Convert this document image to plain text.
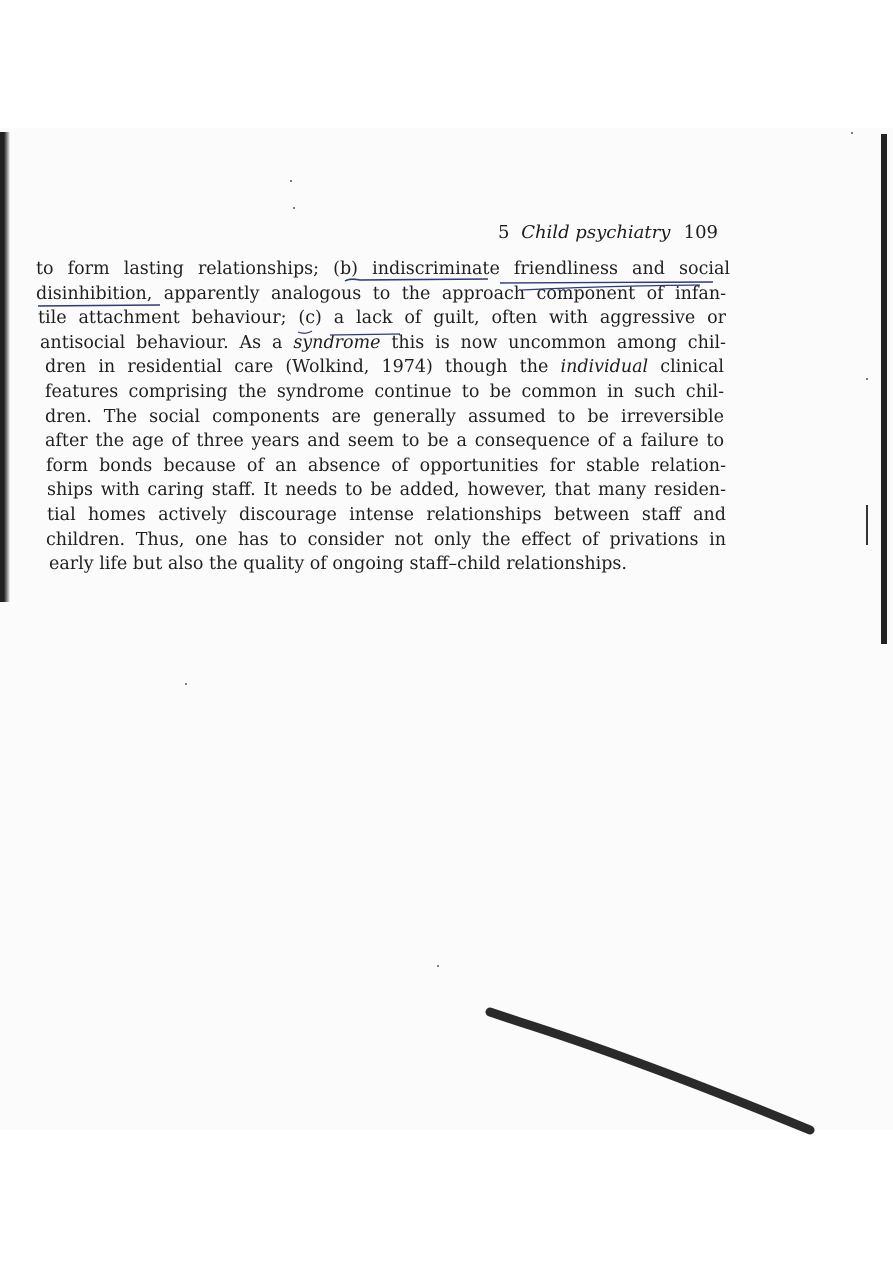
5 Child psychiatry 109
to form lasting relationships; (b) indiscriminate friendliness and social
disinhibition, apparently analogous to the approach component of infan-
tile attachment behaviour; (c) a lack of guilt, often with aggressive or
antisocial behaviour. As a syndrome this is now uncommon among chil-
dren in residential care (Wolkind, 1974) though the individual clinical
features comprising the syndrome continue to be common in such chil-
dren. The social components are generally assumed to be irreversible
after the age of three years and seem to be a consequence of a failure to
form bonds because of an absence of opportunities for stable relation-
ships with caring staff. It needs to be added, however, that many residen-
tial homes actively discourage intense relationships between staff and
children. Thus, one has to consider not only the effect of privations in
early life but also the quality of ongoing staff–child relationships.
